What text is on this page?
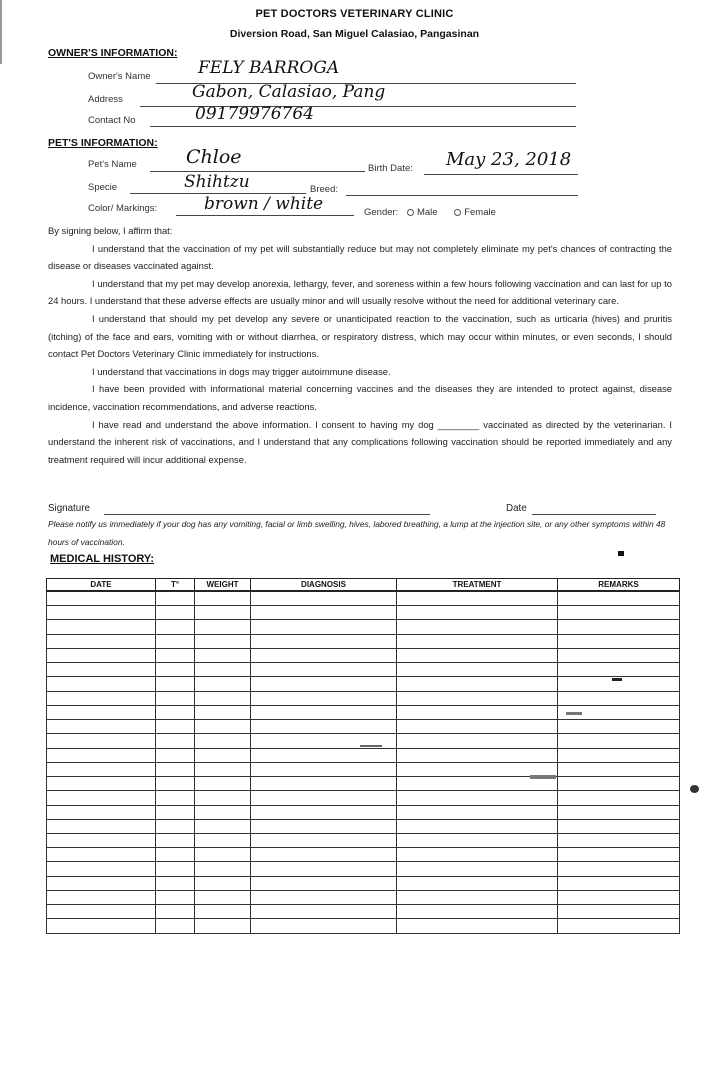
PET DOCTORS VETERINARY CLINIC
Diversion Road, San Miguel Calasiao, Pangasinan
OWNER'S INFORMATION:
Owner's Name	FELY BARROGA
Address	Gabon, Calasiao, Pang
Contact No	09179976764
PET'S INFORMATION:
Pet's Name	Chloe
Birth Date: May 23, 2018
Specie	Shihtzu	Breed:
Color/ Markings:	brown / white	Gender: Male	Female

By signing below, I affirm that:

I understand that the vaccination of my pet will substantially reduce but may not completely eliminate my pet's chances of contracting the disease or diseases vaccinated against.

I understand that my pet may develop anorexia, lethargy, fever, and soreness within a few hours following vaccination and can last for up to 24 hours. I understand that these adverse effects are usually minor and will usually resolve without the need for additional veterinary care.

I understand that should my pet develop any severe or unanticipated reaction to the vaccination, such as urticaria (hives) and pruritis (itching) of the face and ears, vomiting with or without diarrhea, or respiratory distress, which may occur within minutes, or even seconds, I should contact Pet Doctors Veterinary Clinic immediately for instructions.

I understand that vaccinations in dogs may trigger autoimmune disease.

I have been provided with informational material concerning vaccines and the diseases they are intended to protect against, disease incidence, vaccination recommendations, and adverse reactions.

I have read and understand the above information. I consent to having my dog ________ vaccinated as directed by the veterinarian. I understand the inherent risk of vaccinations, and I understand that any complications following vaccination should be reported immediately and any treatment required will incur additional expense.

Signature	Date
Please notify us immediately if your dog has any vomiting, facial or limb swelling, hives, labored breathing, a lump at the injection site, or any other symptoms within 48 hours of vaccination.
MEDICAL HISTORY:
DATE	T°	WEIGHT	DIAGNOSIS	TREATMENT	REMARKS
